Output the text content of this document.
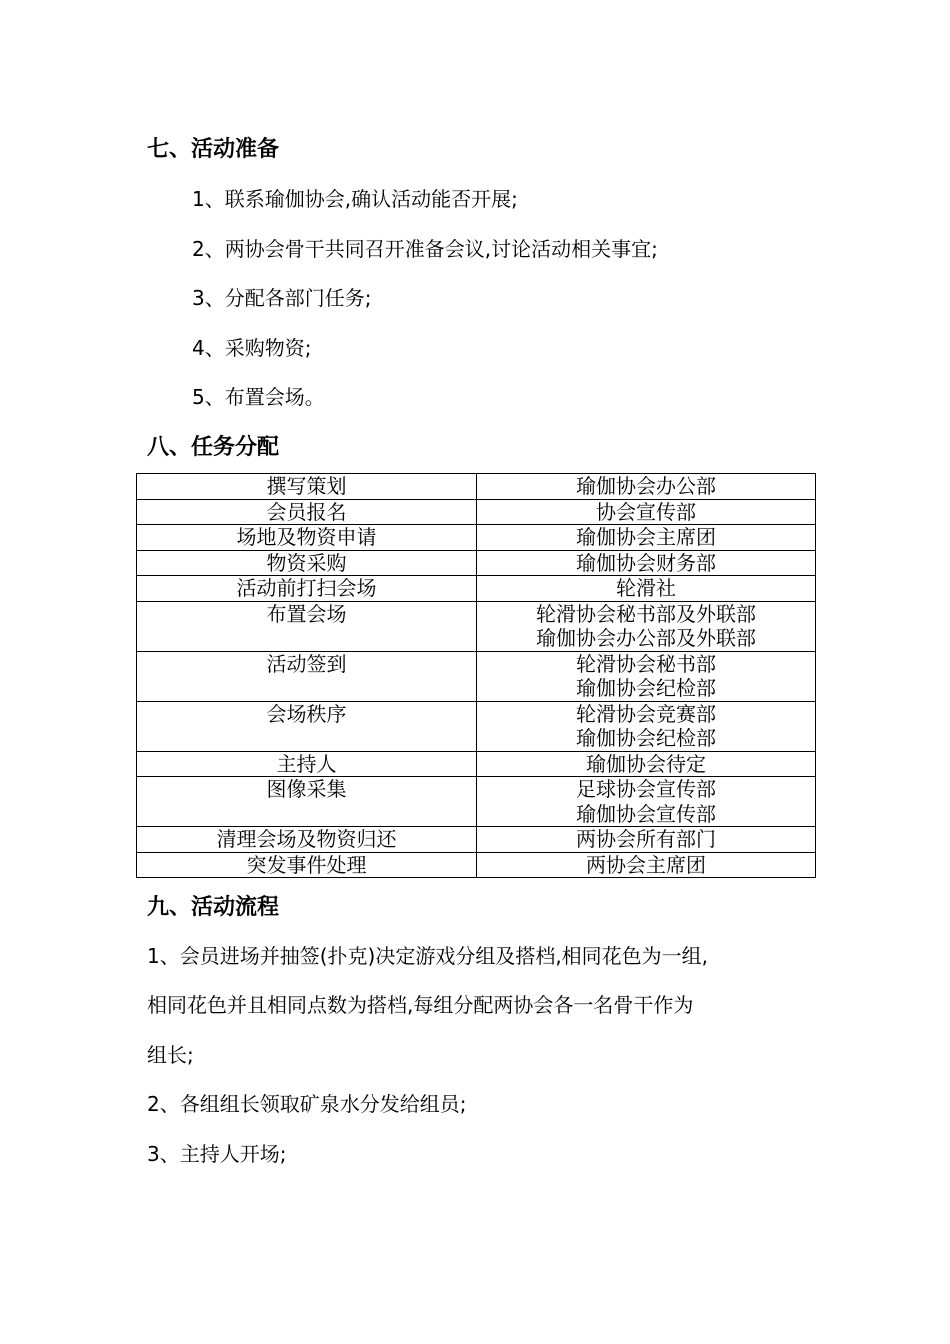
七、活动准备

1、联系瑜伽协会,确认活动能否开展;

2、两协会骨干共同召开准备会议,讨论活动相关事宜;

3、分配各部门任务;

4、采购物资;

5、布置会场。

八、任务分配
撰写策划	瑜伽协会办公部

会员报名	协会宣传部

场地及物资申请	瑜伽协会主席团

物资采购	瑜伽协会财务部

活动前打扫会场	轮滑社

布置会场	轮滑协会秘书部及外联部
瑜伽协会办公部及外联部

活动签到	轮滑协会秘书部
瑜伽协会纪检部

会场秩序	轮滑协会竞赛部
瑜伽协会纪检部

主持人	瑜伽协会待定

图像采集	足球协会宣传部
瑜伽协会宣传部

清理会场及物资归还	两协会所有部门

突发事件处理	两协会主席团
九、活动流程

1、会员进场并抽签(扑克)决定游戏分组及搭档,相同花色为一组,

相同花色并且相同点数为搭档,每组分配两协会各一名骨干作为

组长;

2、各组组长领取矿泉水分发给组员;

3、主持人开场;
